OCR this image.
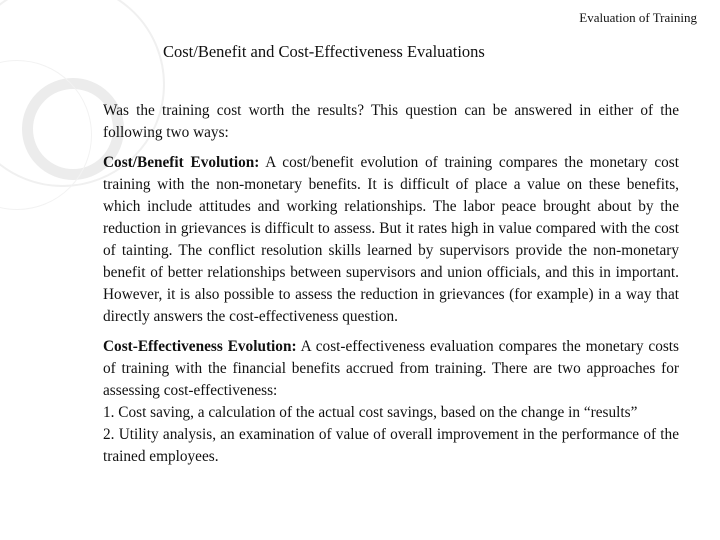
Evaluation of Training
Cost/Benefit and Cost-Effectiveness Evaluations

Was the training cost worth the results? This question can be answered in either of the following two ways:

Cost/Benefit Evolution: A cost/benefit evolution of training compares the monetary cost training with the non-monetary benefits. It is difficult of place a value on these benefits, which include attitudes and working relationships. The labor peace brought about by the reduction in grievances is difficult to assess. But it rates high in value compared with the cost of tainting. The conflict resolution skills learned by supervisors provide the non-monetary benefit of better relationships between supervisors and union officials, and this in important. However, it is also possible to assess the reduction in grievances (for example) in a way that directly answers the cost-effectiveness question.

Cost-Effectiveness Evolution: A cost-effectiveness evaluation compares the monetary costs of training with the financial benefits accrued from training. There are two approaches for assessing cost-effectiveness:
1. Cost saving, a calculation of the actual cost savings, based on the change in “results”
2. Utility analysis, an examination of value of overall improvement in the performance of the trained employees.
